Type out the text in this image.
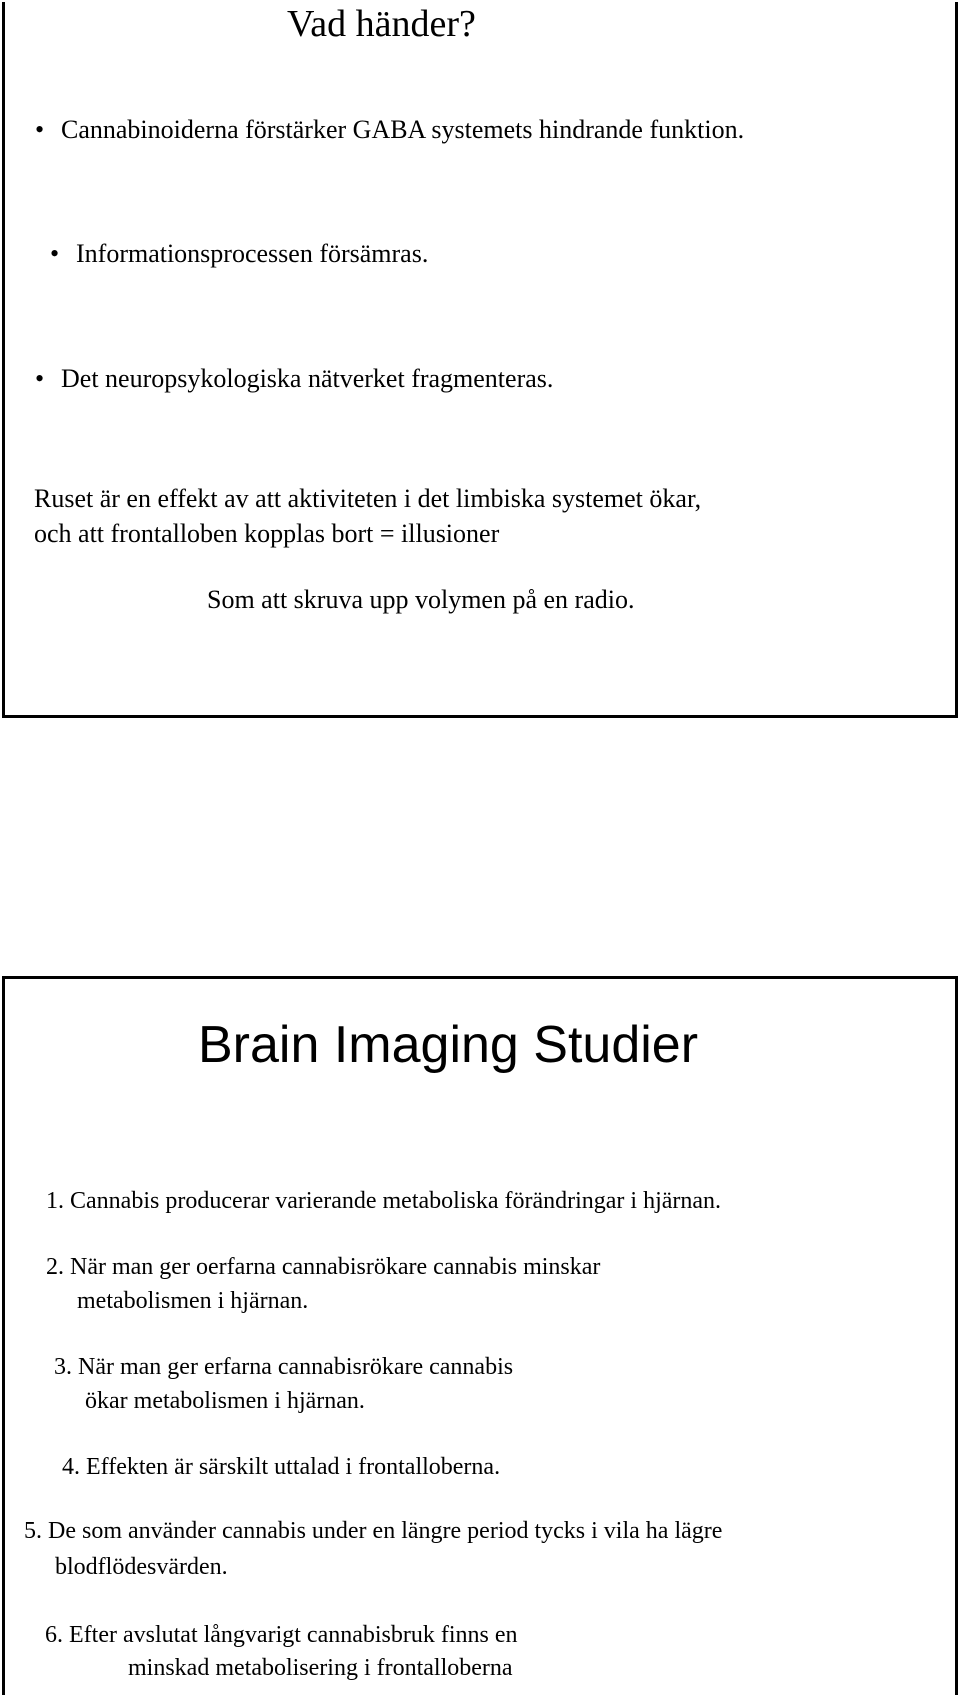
Vad händer?

• Cannabinoiderna förstärker GABA systemets hindrande funktion.
• Informationsprocessen försämras.
• Det neuropsykologiska nätverket fragmenteras.

Ruset är en effekt av att aktiviteten i det limbiska systemet ökar,

och att frontalloben kopplas bort = illusioner

Som att skruva upp volymen på en radio.

Brain Imaging Studier

1. Cannabis producerar varierande metaboliska förändringar i hjärnan.

2. När man ger oerfarna cannabisrökare cannabis minskar

metabolismen i hjärnan.

3. När man ger erfarna cannabisrökare cannabis

ökar metabolismen i hjärnan.

4. Effekten är särskilt uttalad i frontalloberna.

5. De som använder cannabis under en längre period tycks i vila ha lägre

blodflödesvärden.

6. Efter avslutat långvarigt cannabisbruk finns en

minskad metabolisering i frontalloberna
